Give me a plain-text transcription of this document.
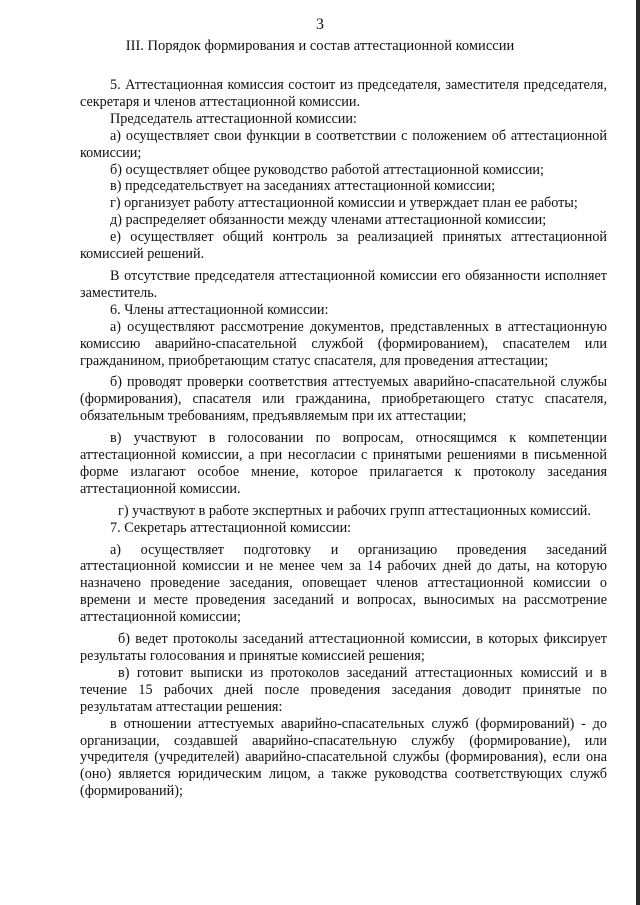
3
III. Порядок формирования и состав аттестационной комиссии

5. Аттестационная комиссия состоит из председателя, заместителя председателя, секретаря и членов аттестационной комиссии.

Председатель аттестационной комиссии:

а) осуществляет свои функции в соответствии с положением об аттестационной комиссии;

б) осуществляет общее руководство работой аттестационной комиссии;

в) председательствует на заседаниях аттестационной комиссии;

г) организует работу аттестационной комиссии и утверждает план ее работы;

д) распределяет обязанности между членами аттестационной комиссии;

е) осуществляет общий контроль за реализацией принятых аттестационной комиссией решений.

В отсутствие председателя аттестационной комиссии его обязанности исполняет заместитель.

6. Члены аттестационной комиссии:

а) осуществляют рассмотрение документов, представленных в аттестационную комиссию аварийно-спасательной службой (формированием), спасателем или гражданином, приобретающим статус спасателя, для проведения аттестации;

б) проводят проверки соответствия аттестуемых аварийно-спасательной службы (формирования), спасателя или гражданина, приобретающего статус спасателя, обязательным требованиям, предъявляемым при их аттестации;

в) участвуют в голосовании по вопросам, относящимся к компетенции аттестационной комиссии, а при несогласии с принятыми решениями в письменной форме излагают особое мнение, которое прилагается к протоколу заседания аттестационной комиссии.

г) участвуют в работе экспертных и рабочих групп аттестационных комиссий.

7. Секретарь аттестационной комиссии:

а) осуществляет подготовку и организацию проведения заседаний аттестационной комиссии и не менее чем за 14 рабочих дней до даты, на которую назначено проведение заседания, оповещает членов аттестационной комиссии о времени и месте проведения заседаний и вопросах, выносимых на рассмотрение аттестационной комиссии;

б) ведет протоколы заседаний аттестационной комиссии, в которых фиксирует результаты голосования и принятые комиссией решения;

в) готовит выписки из протоколов заседаний аттестационных комиссий и в течение 15 рабочих дней после проведения заседания доводит принятые по результатам аттестации решения:

в отношении аттестуемых аварийно-спасательных служб (формирований) - до организации, создавшей аварийно-спасательную службу (формирование), или учредителя (учредителей) аварийно-спасательной службы (формирования), если она (оно) является юридическим лицом, а также руководства соответствующих служб (формирований);
